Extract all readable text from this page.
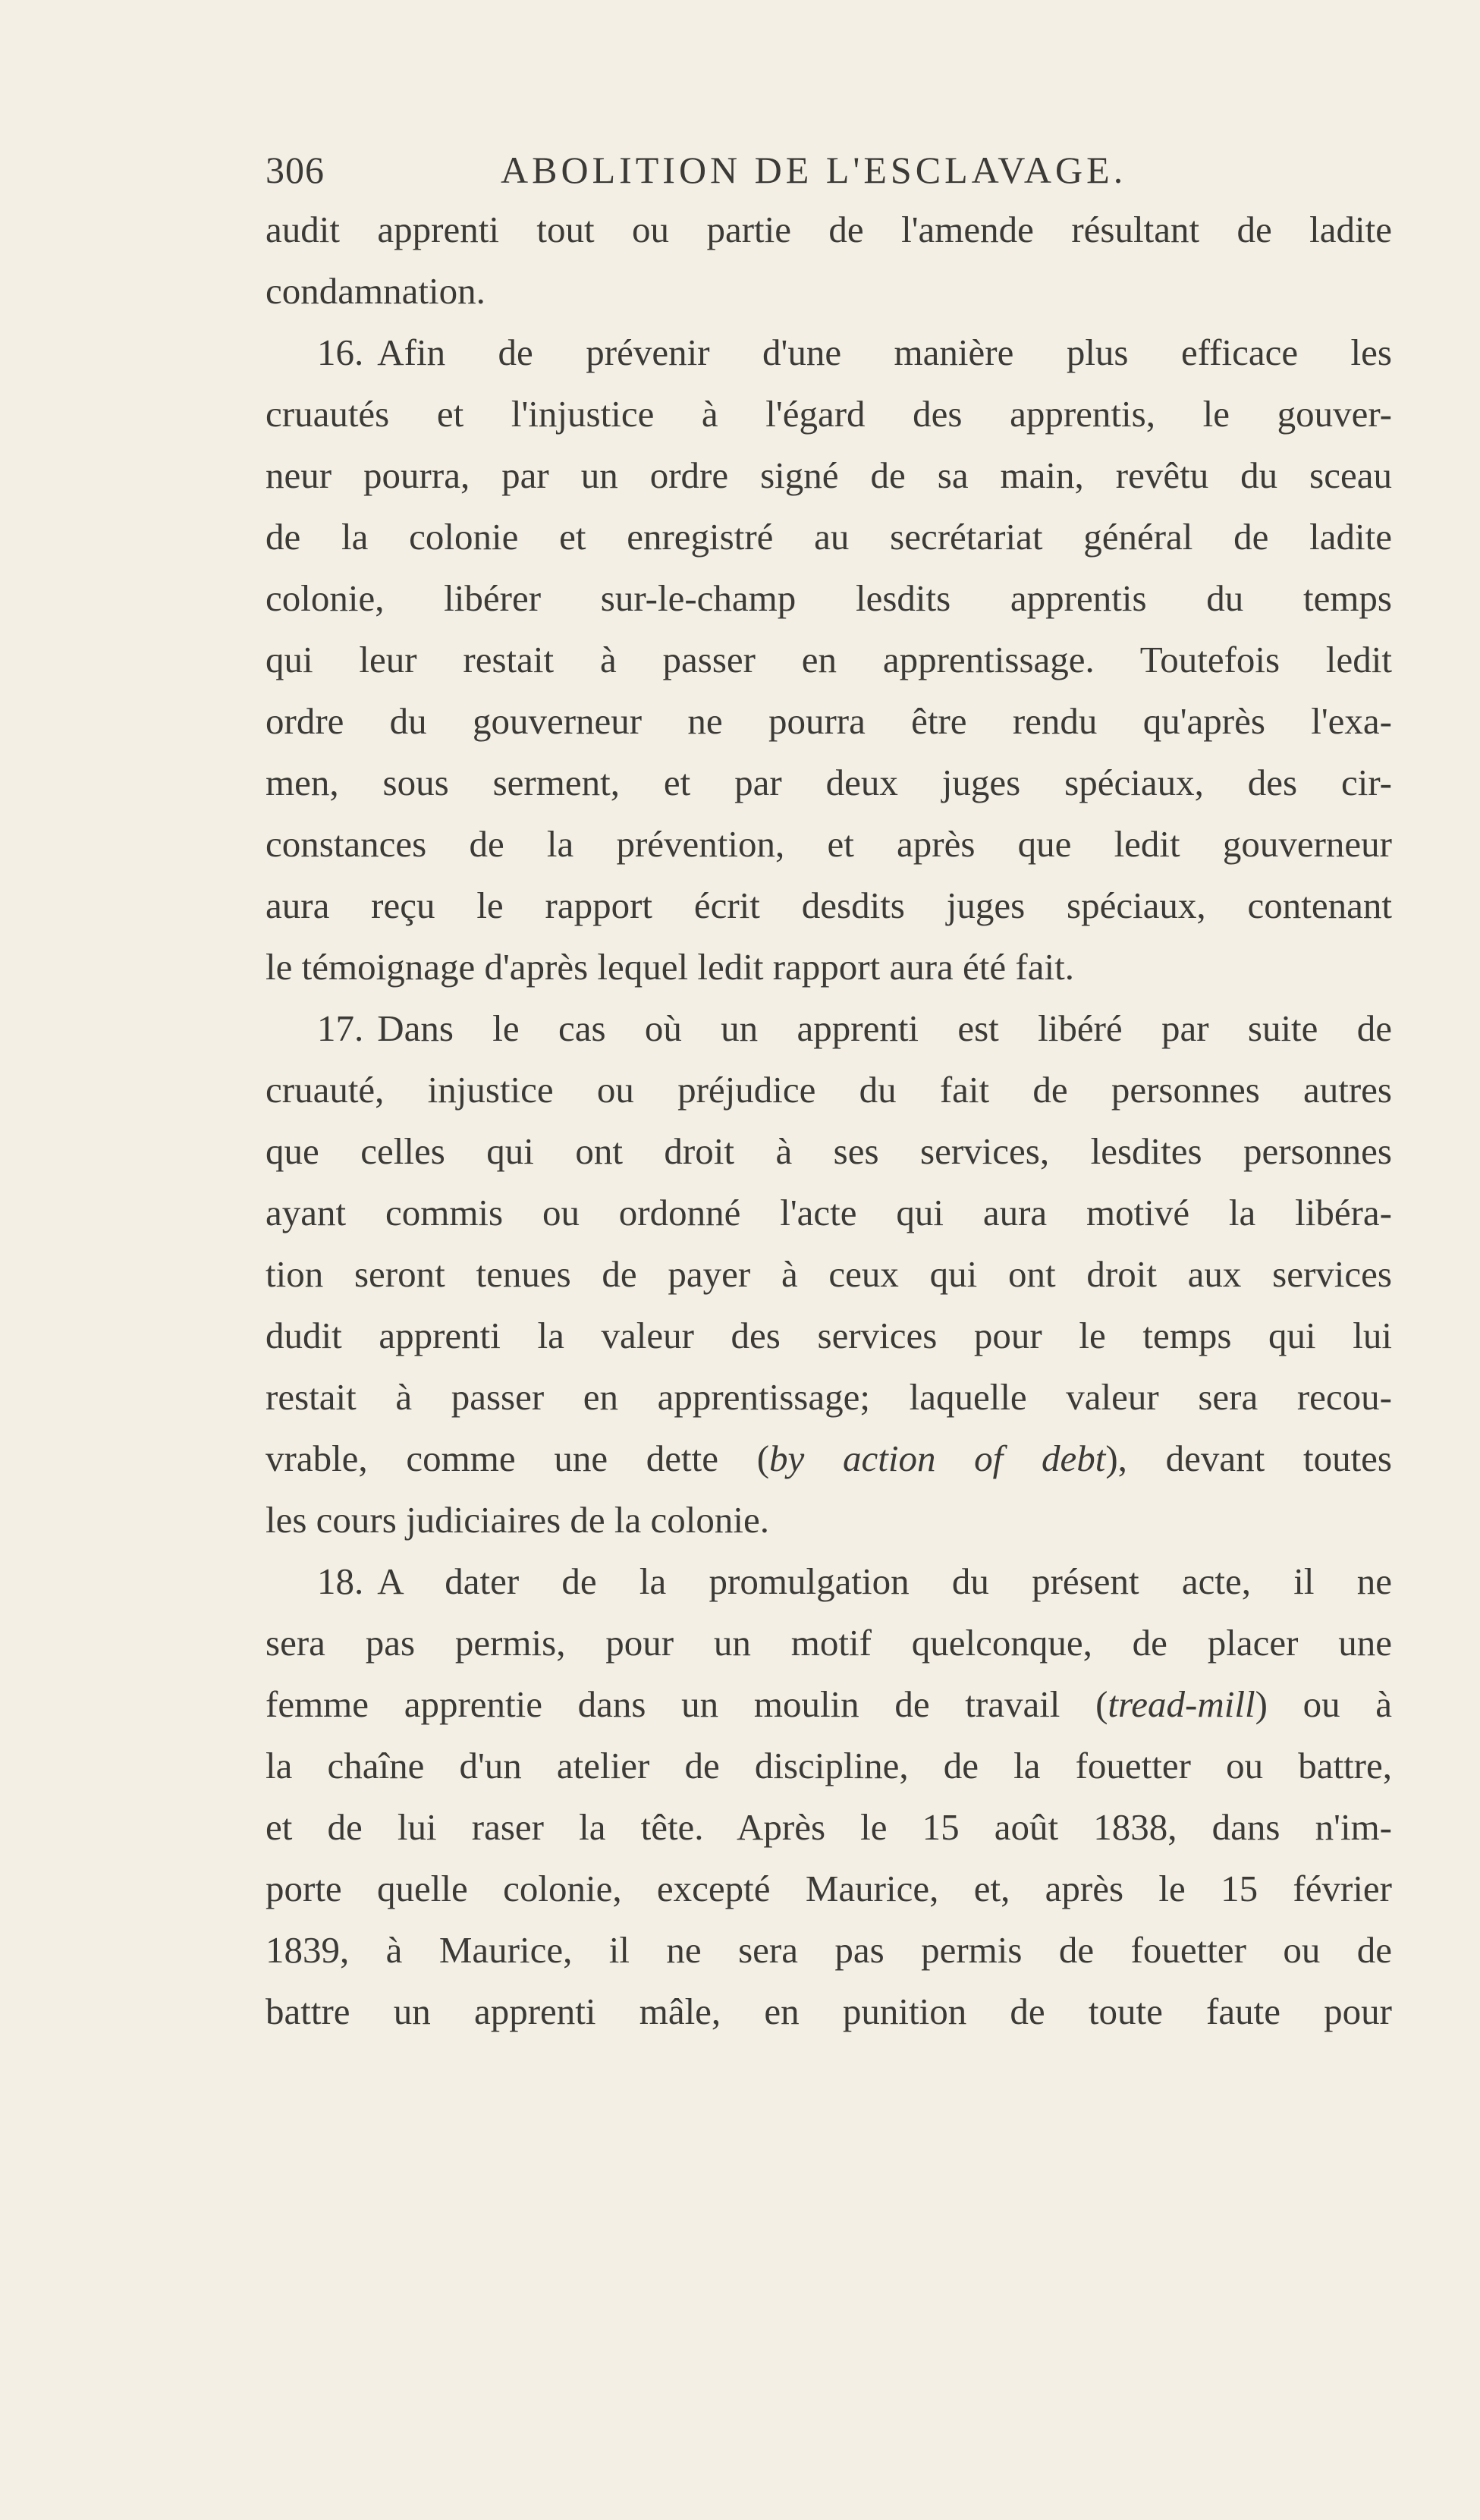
306	ABOLITION DE L'ESCLAVAGE.
audit apprenti tout ou partie de l'amende résultant de ladite
condamnation.
16. Afin de prévenir d'une manière plus efficace les
cruautés et l'injustice à l'égard des apprentis, le gouver-
neur pourra, par un ordre signé de sa main, revêtu du sceau
de la colonie et enregistré au secrétariat général de ladite
colonie, libérer sur-le-champ lesdits apprentis du temps
qui leur restait à passer en apprentissage. Toutefois ledit
ordre du gouverneur ne pourra être rendu qu'après l'exa-
men, sous serment, et par deux juges spéciaux, des cir-
constances de la prévention, et après que ledit gouverneur
aura reçu le rapport écrit desdits juges spéciaux, contenant
le témoignage d'après lequel ledit rapport aura été fait.
17. Dans le cas où un apprenti est libéré par suite de
cruauté, injustice ou préjudice du fait de personnes autres
que celles qui ont droit à ses services, lesdites personnes
ayant commis ou ordonné l'acte qui aura motivé la libéra-
tion seront tenues de payer à ceux qui ont droit aux services
dudit apprenti la valeur des services pour le temps qui lui
restait à passer en apprentissage; laquelle valeur sera recou-
vrable, comme une dette (by action of debt), devant toutes
les cours judiciaires de la colonie.
18. A dater de la promulgation du présent acte, il ne
sera pas permis, pour un motif quelconque, de placer une
femme apprentie dans un moulin de travail (tread-mill) ou à
la chaîne d'un atelier de discipline, de la fouetter ou battre,
et de lui raser la tête. Après le 15 août 1838, dans n'im-
porte quelle colonie, excepté Maurice, et, après le 15 février
1839, à Maurice, il ne sera pas permis de fouetter ou de
battre un apprenti mâle, en punition de toute faute pour
